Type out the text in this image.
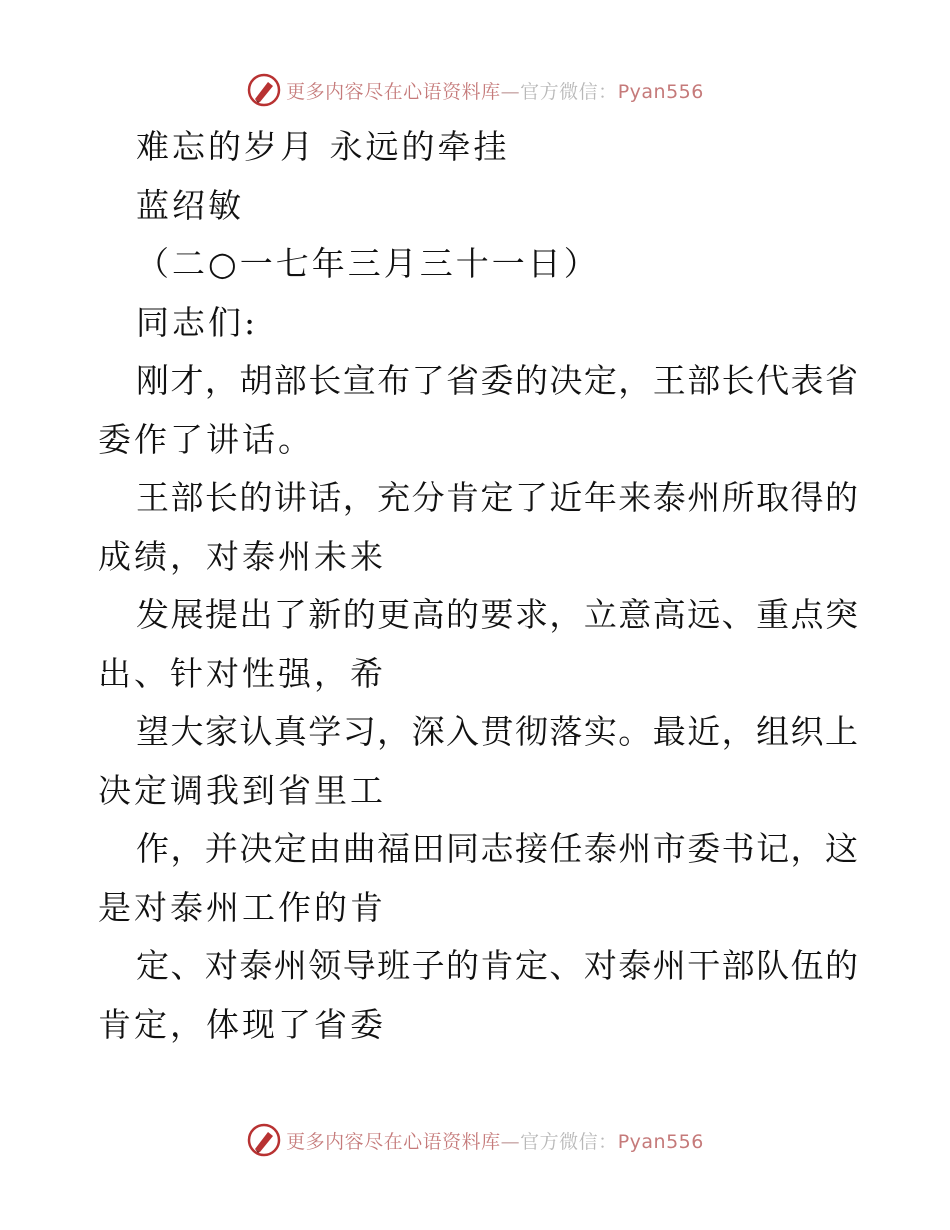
更多内容尽在心语资料库—官方微信：Pyan556
难忘的岁月 永远的牵挂
蓝绍敏
（二○一七年三月三十一日）
同志们:
刚才，胡部长宣布了省委的决定，王部长代表省
委作了讲话。
王部长的讲话，充分肯定了近年来泰州所取得的
成绩，对泰州未来
发展提出了新的更高的要求，立意高远、重点突
出、针对性强，希
望大家认真学习，深入贯彻落实。最近，组织上
决定调我到省里工
作，并决定由曲福田同志接任泰州市委书记，这
是对泰州工作的肯
定、对泰州领导班子的肯定、对泰州干部队伍的
肯定，体现了省委
更多内容尽在心语资料库—官方微信：Pyan556
